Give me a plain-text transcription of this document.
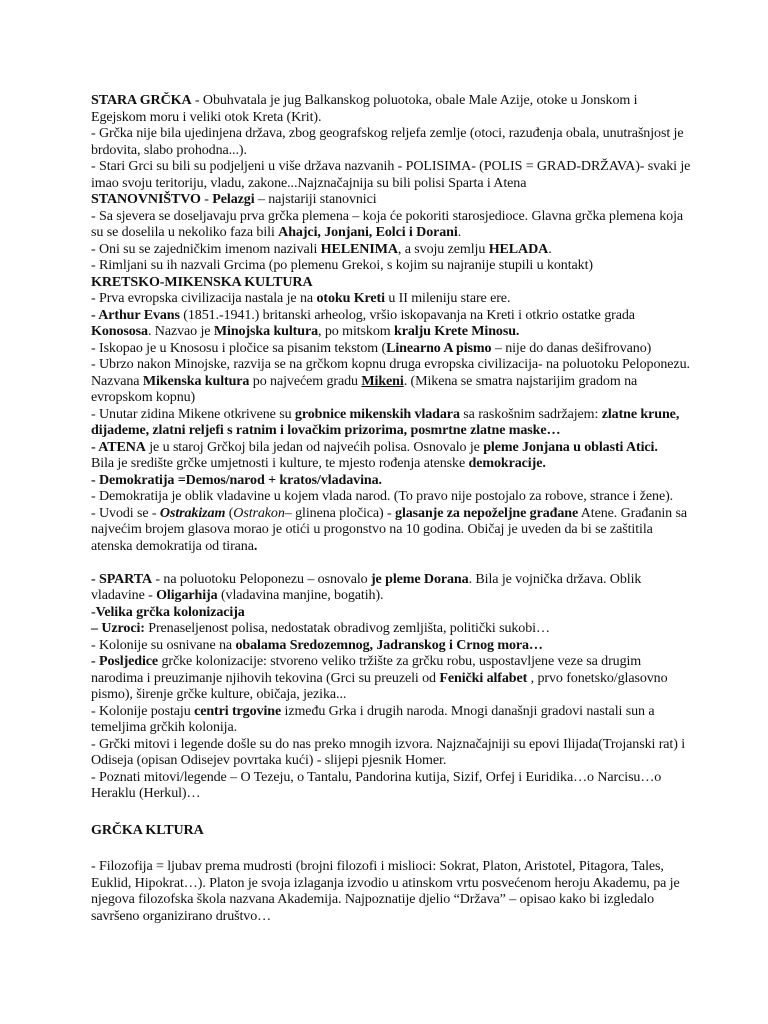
STARA GRČKA - Obuhvatala je jug Balkanskog poluotoka, obale Male Azije, otoke u Jonskom i Egejskom moru i veliki otok Kreta (Krit).
- Grčka nije bila ujedinjena država, zbog geografskog reljefa zemlje (otoci, razuđenja obala, unutrašnjost je brdovita, slabo prohodna...).
- Stari Grci su bili su podjeljeni u više država nazvanih - POLISIMA- (POLIS = GRAD-DRŽAVA)- svaki je imao svoju teritoriju, vladu, zakone...Najznačajnija su bili polisi Sparta i Atena
STANOVNIŠTVO - Pelazgi – najstariji stanovnici
- Sa sjevera se doseljavaju prva grčka plemena – koja će pokoriti starosjedioce. Glavna grčka plemena koja su se doselila u nekoliko faza bili Ahajci, Jonjani, Eolci i Dorani.
- Oni su se zajedničkim imenom nazivali HELENIMA, a svoju zemlju HELADA.
- Rimljani su ih nazvali Grcima (po plemenu Grekoi, s kojim su najranije stupili u kontakt)
KRETSKO-MIKENSKA KULTURA
- Prva evropska civilizacija nastala je na otoku Kreti u II mileniju stare ere.
- Arthur Evans (1851.-1941.) britanski arheolog, vršio iskopavanja na Kreti i otkrio ostatke grada Konososa. Nazvao je Minojska kultura, po mitskom kralju Krete Minosu.
- Iskopao je u Knososu i pločice sa pisanim tekstom (Linearno A pismo – nije do danas dešifrovano)
- Ubrzo nakon Minojske, razvija se na grčkom kopnu druga evropska civilizacija- na poluotoku Peloponezu. Nazvana Mikenska kultura po najvećem gradu Mikeni. (Mikena se smatra najstarijim gradom na evropskom kopnu)
- Unutar zidina Mikene otkrivene su grobnice mikenskih vladara sa raskošnim sadržajem: zlatne krune, dijademe, zlatni reljefi s ratnim i lovačkim prizorima, posmrtne zlatne maske…
- ATENA je u staroj Grčkoj bila jedan od najvećih polisa. Osnovalo je pleme Jonjana u oblasti Atici.
Bila je središte grčke umjetnosti i kulture, te mjesto rođenja atenske demokracije.
- Demokratija =Demos/narod + kratos/vladavina.
- Demokratija je oblik vladavine u kojem vlada narod. (To pravo nije postojalo za robove, strance i žene).
- Uvodi se - Ostrakizam (Ostrakon– glinena pločica) - glasanje za nepoželjne građane Atene. Građanin sa najvećim brojem glasova morao je otići u progonstvo na 10 godina. Običaj je uveden da bi se zaštitila atenska demokratija od tirana.
- SPARTA - na poluotoku Peloponezu – osnovalo je pleme Dorana. Bila je vojnička država. Oblik vladavine - Oligarhija (vladavina manjine, bogatih).
-Velika grčka kolonizacija
– Uzroci: Prenaseljenost polisa, nedostatak obradivog zemljišta, politički sukobi…
- Kolonije su osnivane na obalama Sredozemnog, Jadranskog i Crnog mora…
- Posljedice grčke kolonizacije: stvoreno veliko tržište za grčku robu, uspostavljene veze sa drugim narodima i preuzimanje njihovih tekovina (Grci su preuzeli od Fenički alfabet , prvo fonetsko/glasovno pismo), širenje grčke kulture, običaja, jezika...
- Kolonije postaju centri trgovine između Grka i drugih naroda. Mnogi današnji gradovi nastali sun a temeljima grčkih kolonija.
- Grčki mitovi i legende došle su do nas preko mnogih izvora. Najznačajniji su epovi Ilijada(Trojanski rat) i Odiseja (opisan Odisejev povrtaka kući) - slijepi pjesnik Homer.
- Poznati mitovi/legende – O Tezeju, o Tantalu, Pandorina kutija, Sizif, Orfej i Euridika…o Narcisu…o Heraklu (Herkul)…
GRČKA KLTURA
- Filozofija = ljubav prema mudrosti (brojni filozofi i mislioci: Sokrat, Platon, Aristotel, Pitagora, Tales, Euklid, Hipokrat…). Platon je svoja izlaganja izvodio u atinskom vrtu posvećenom heroju Akademu, pa je njegova filozofska škola nazvana Akademija. Najpoznatije djelio “Država” – opisao kako bi izgledalo savršeno organizirano društvo…
